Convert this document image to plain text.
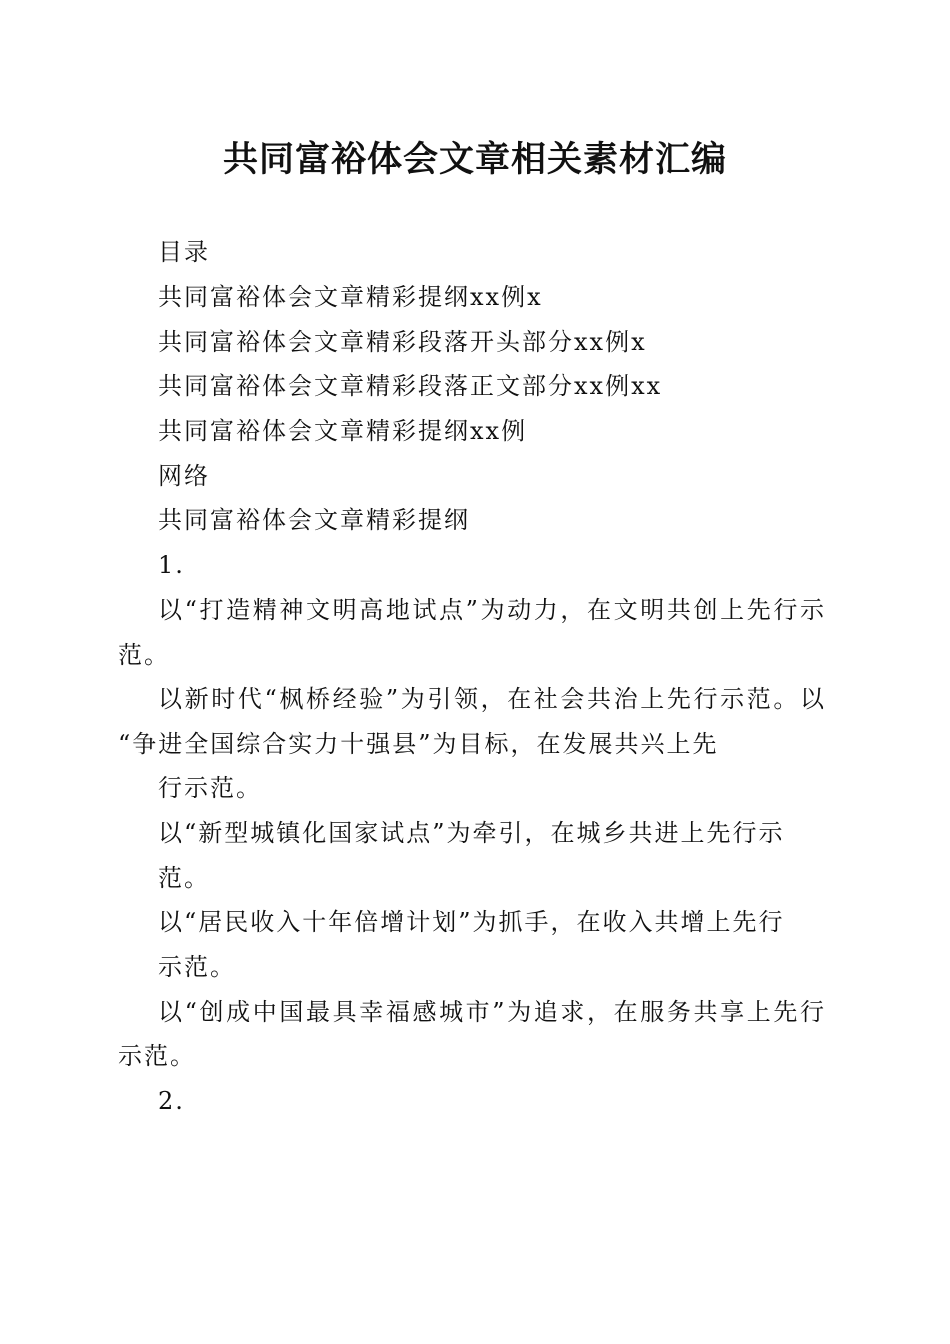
共同富裕体会文章相关素材汇编
目录
共同富裕体会文章精彩提纲xx例x
共同富裕体会文章精彩段落开头部分xx例x
共同富裕体会文章精彩段落正文部分xx例xx
共同富裕体会文章精彩提纲xx例
网络
共同富裕体会文章精彩提纲
1.
以“打造精神文明高地试点”为动力，在文明共创上先行示
范。
以新时代“枫桥经验”为引领，在社会共治上先行示范。以
“争进全国综合实力十强县”为目标，在发展共兴上先
行示范。
以“新型城镇化国家试点”为牵引，在城乡共进上先行示
范。
以“居民收入十年倍增计划”为抓手，在收入共增上先行
示范。
以“创成中国最具幸福感城市”为追求，在服务共享上先行
示范。
2.
